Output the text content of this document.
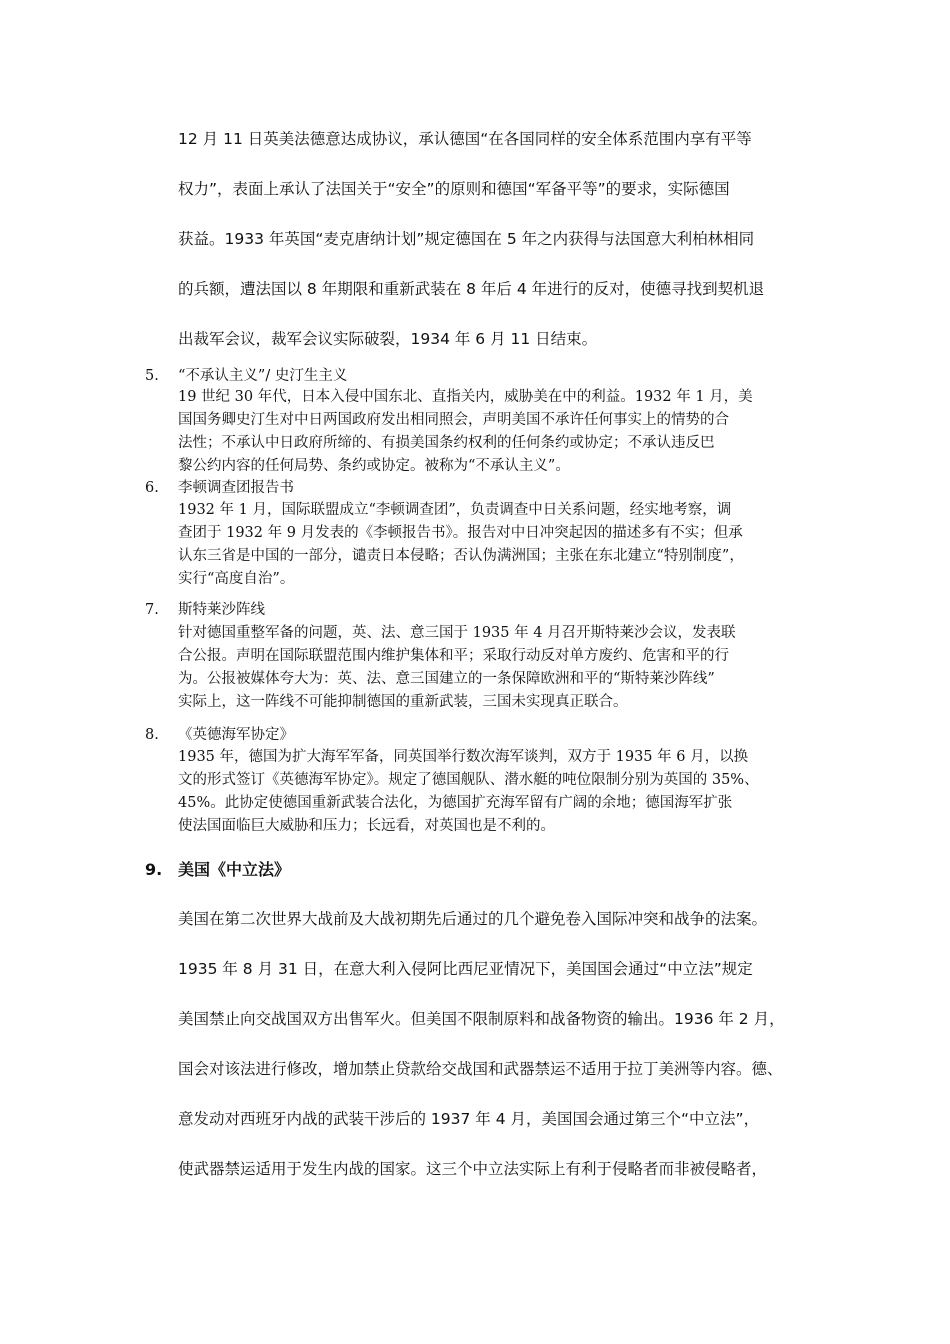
12 月 11 日英美法德意达成协议，承认德国“在各国同样的安全体系范围内享有平等
权力”，表面上承认了法国关于“安全”的原则和德国“军备平等”的要求，实际德国
获益。1933 年英国“麦克唐纳计划”规定德国在 5 年之内获得与法国意大利柏林相同
的兵额，遭法国以 8 年期限和重新武装在 8 年后 4 年进行的反对，使德寻找到契机退
出裁军会议，裁军会议实际破裂，1934 年 6 月 11 日结束。
5. “不承认主义”/ 史汀生主义
19 世纪 30 年代，日本入侵中国东北、直指关内，威胁美在中的利益。1932 年 1 月，美
国国务卿史汀生对中日两国政府发出相同照会，声明美国不承许任何事实上的情势的合
法性；不承认中日政府所缔的、有损美国条约权利的任何条约或协定；不承认违反巴
黎公约内容的任何局势、条约或协定。被称为“不承认主义”。
6. 李顿调查团报告书
1932 年 1 月，国际联盟成立“李顿调查团”，负责调查中日关系问题，经实地考察，调
查团于 1932 年 9 月发表的《李顿报告书》。报告对中日冲突起因的描述多有不实；但承
认东三省是中国的一部分，谴责日本侵略；否认伪满洲国；主张在东北建立“特别制度”，
实行“高度自治”。
7. 斯特莱沙阵线
针对德国重整军备的问题，英、法、意三国于 1935 年 4 月召开斯特莱沙会议，发表联
合公报。声明在国际联盟范围内维护集体和平；采取行动反对单方废约、危害和平的行
为。公报被媒体夸大为：英、法、意三国建立的一条保障欧洲和平的“斯特莱沙阵线”
实际上，这一阵线不可能抑制德国的重新武装，三国未实现真正联合。
8. 《英德海军协定》
1935 年，德国为扩大海军军备，同英国举行数次海军谈判，双方于 1935 年 6 月，以换
文的形式签订《英德海军协定》。规定了德国舰队、潜水艇的吨位限制分别为英国的 35%、
45%。此协定使德国重新武装合法化，为德国扩充海军留有广阔的余地；德国海军扩张
使法国面临巨大威胁和压力；长远看，对英国也是不利的。
9. 美国《中立法》
美国在第二次世界大战前及大战初期先后通过的几个避免卷入国际冲突和战争的法案。
1935 年 8 月 31 日，在意大利入侵阿比西尼亚情况下，美国国会通过“中立法”规定
美国禁止向交战国双方出售军火。但美国不限制原料和战备物资的输出。1936 年 2 月，
国会对该法进行修改，增加禁止贷款给交战国和武器禁运不适用于拉丁美洲等内容。德、
意发动对西班牙内战的武装干涉后的 1937 年 4 月，美国国会通过第三个“中立法”，
使武器禁运适用于发生内战的国家。这三个中立法实际上有利于侵略者而非被侵略者，
